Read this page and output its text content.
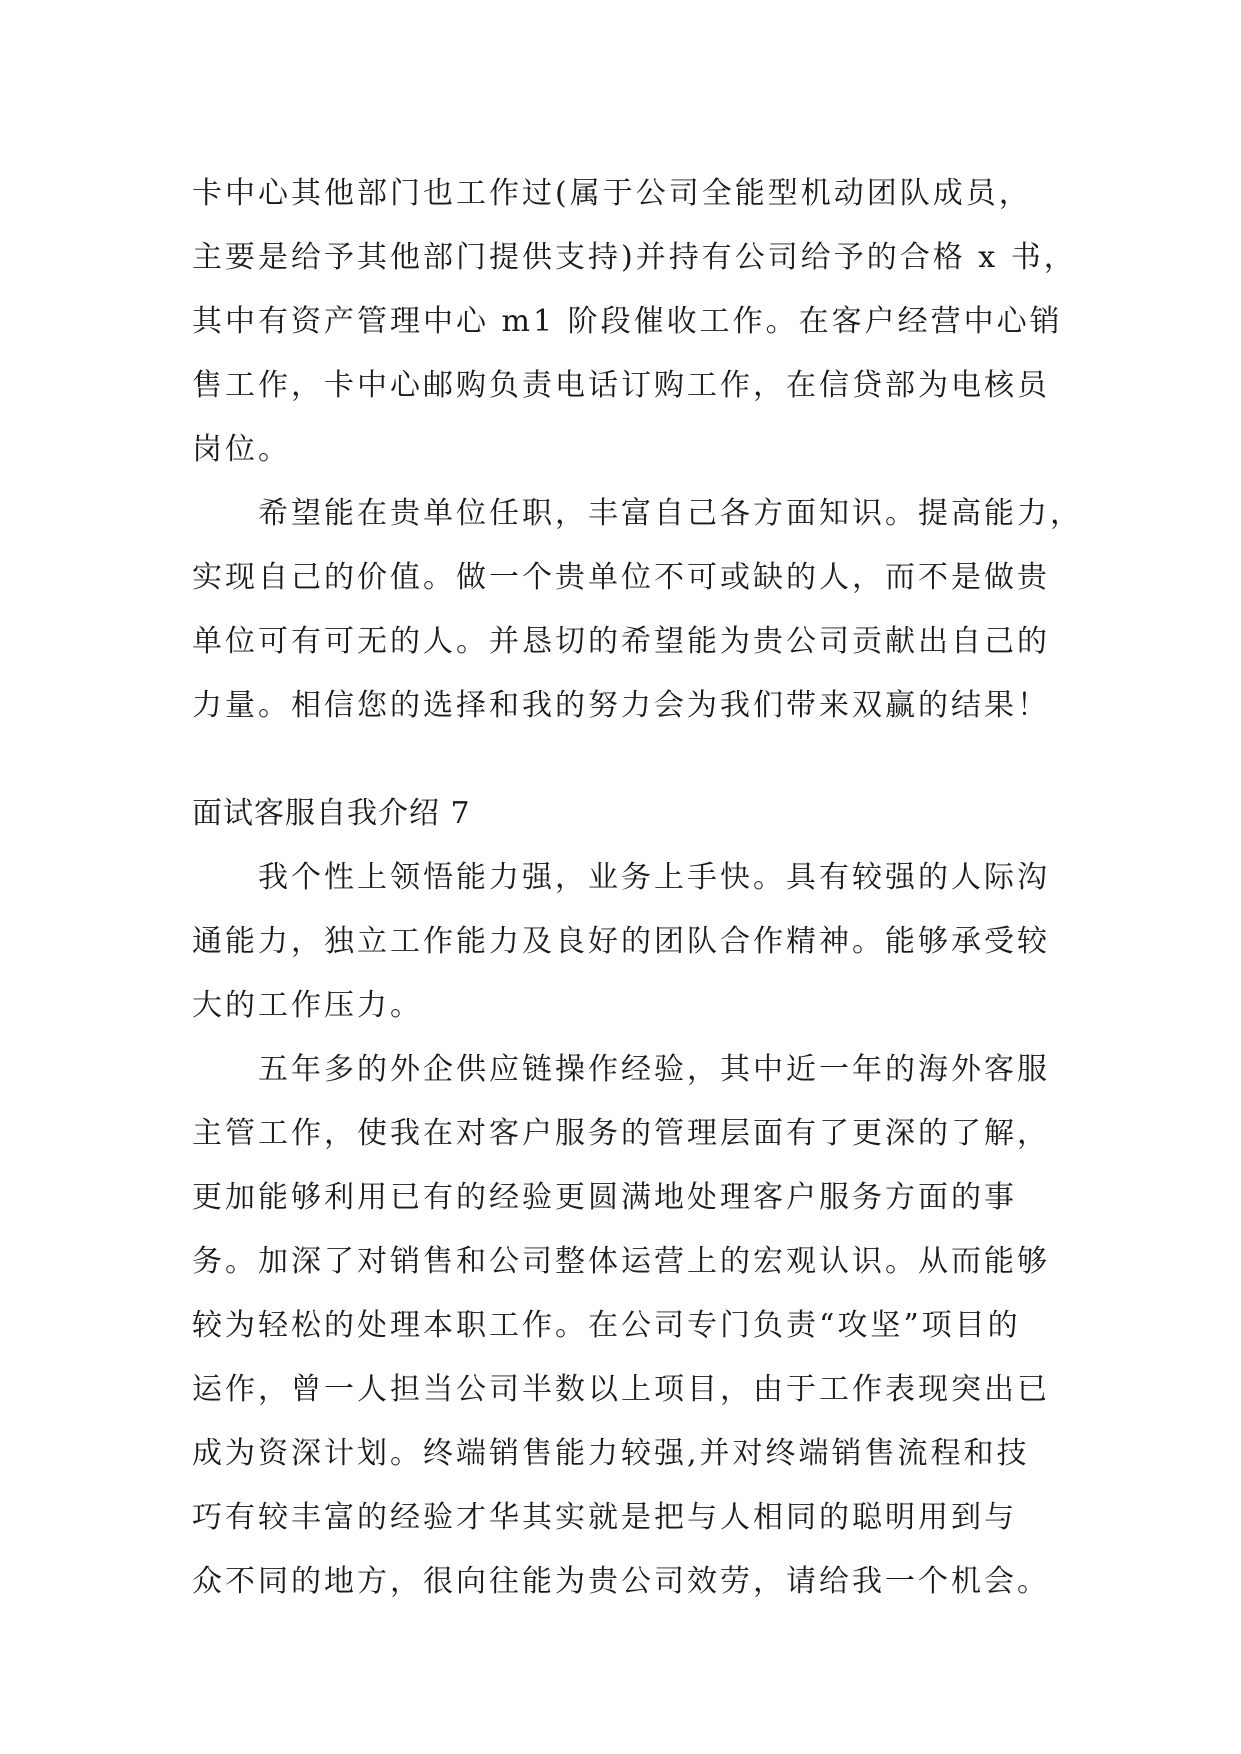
卡中心其他部门也工作过(属于公司全能型机动团队成员，
主要是给予其他部门提供支持)并持有公司给予的合格 x 书，
其中有资产管理中心 m1 阶段催收工作。在客户经营中心销
售工作，卡中心邮购负责电话订购工作，在信贷部为电核员
岗位。
希望能在贵单位任职，丰富自己各方面知识。提高能力，
实现自己的价值。做一个贵单位不可或缺的人，而不是做贵
单位可有可无的人。并恳切的希望能为贵公司贡献出自己的
力量。相信您的选择和我的努力会为我们带来双赢的结果！
面试客服自我介绍 7
我个性上领悟能力强，业务上手快。具有较强的人际沟
通能力，独立工作能力及良好的团队合作精神。能够承受较
大的工作压力。
五年多的外企供应链操作经验，其中近一年的海外客服
主管工作，使我在对客户服务的管理层面有了更深的了解，
更加能够利用已有的经验更圆满地处理客户服务方面的事
务。加深了对销售和公司整体运营上的宏观认识。从而能够
较为轻松的处理本职工作。在公司专门负责“攻坚”项目的
运作，曾一人担当公司半数以上项目，由于工作表现突出已
成为资深计划。终端销售能力较强,并对终端销售流程和技
巧有较丰富的经验才华其实就是把与人相同的聪明用到与
众不同的地方，很向往能为贵公司效劳，请给我一个机会。
